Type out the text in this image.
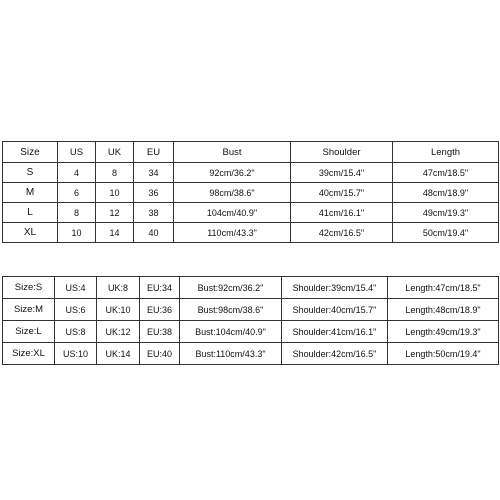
Size	US	UK	EU	Bust	Shoulder	Length
S	4	8	34	92cm/36.2"	39cm/15.4"	47cm/18.5"
M	6	10	36	98cm/38.6"	40cm/15.7"	48cm/18.9"
L	8	12	38	104cm/40.9"	41cm/16.1"	49cm/19.3"
XL	10	14	40	110cm/43.3"	42cm/16.5"	50cm/19.4"
Size:S	US:4	UK:8	EU:34	Bust:92cm/36.2"	Shoulder:39cm/15.4"	Length:47cm/18.5"
Size:M	US:6	UK:10	EU:36	Bust:98cm/38.6"	Shoulder:40cm/15.7"	Length:48cm/18.9"
Size:L	US:8	UK:12	EU:38	Bust:104cm/40.9"	Shoulder:41cm/16.1"	Length:49cm/19.3"
Size:XL	US:10	UK:14	EU:40	Bust:110cm/43.3"	Shoulder:42cm/16.5"	Length:50cm/19.4"
